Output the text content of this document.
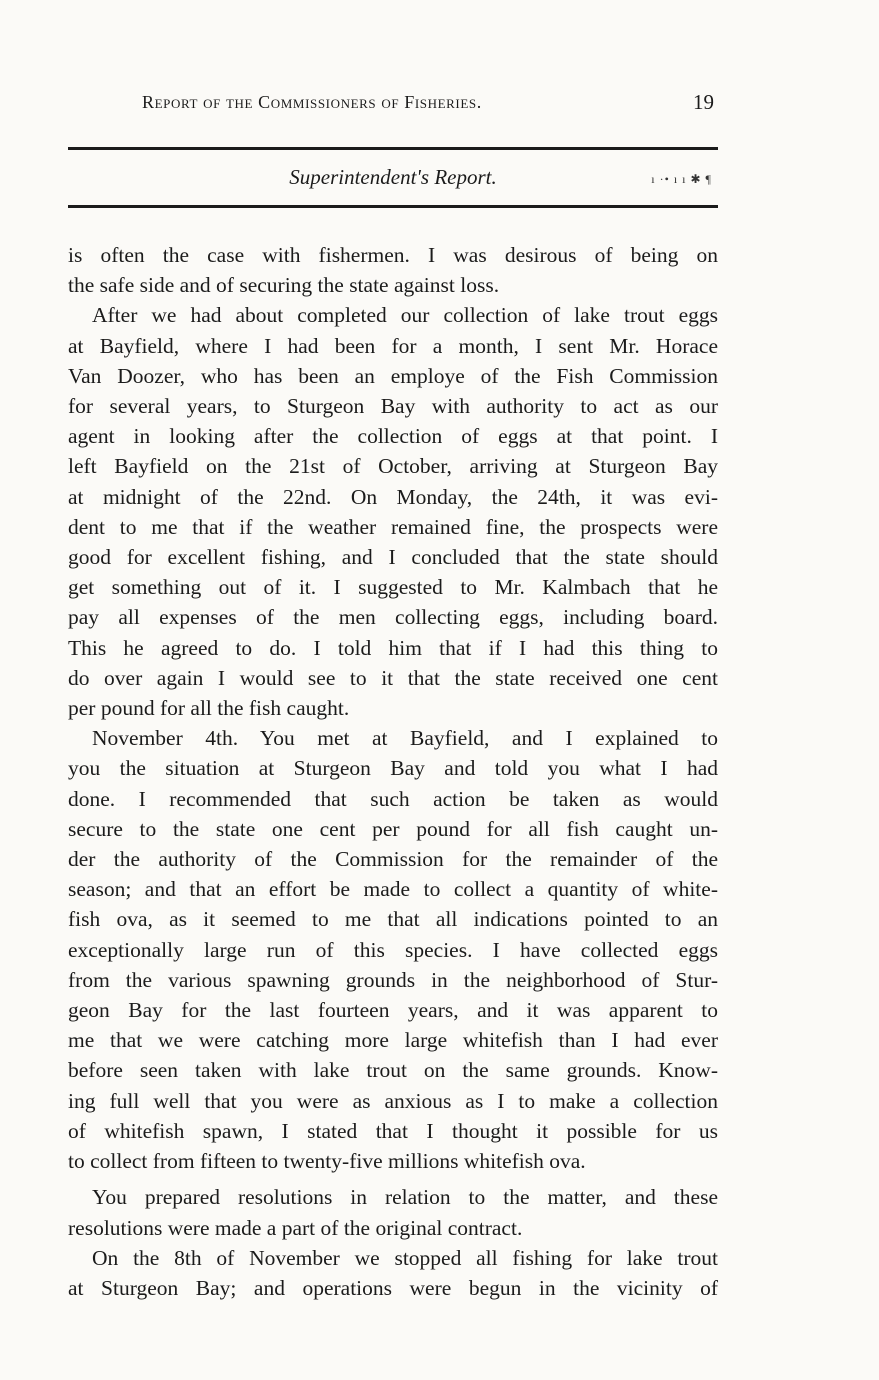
Report of the Commissioners of Fisheries.	19
Superintendent's Report.	ı ·• ı ı ✱ ¶
is often the case with fishermen. I was desirous of being on
the safe side and of securing the state against loss.
After we had about completed our collection of lake trout eggs
at Bayfield, where I had been for a month, I sent Mr. Horace
Van Doozer, who has been an employe of the Fish Commission
for several years, to Sturgeon Bay with authority to act as our
agent in looking after the collection of eggs at that point. I
left Bayfield on the 21st of October, arriving at Sturgeon Bay
at midnight of the 22nd. On Monday, the 24th, it was evi-
dent to me that if the weather remained fine, the prospects were
good for excellent fishing, and I concluded that the state should
get something out of it. I suggested to Mr. Kalmbach that he
pay all expenses of the men collecting eggs, including board.
This he agreed to do. I told him that if I had this thing to
do over again I would see to it that the state received one cent
per pound for all the fish caught.
November 4th. You met at Bayfield, and I explained to
you the situation at Sturgeon Bay and told you what I had
done. I recommended that such action be taken as would
secure to the state one cent per pound for all fish caught un-
der the authority of the Commission for the remainder of the
season; and that an effort be made to collect a quantity of white-
fish ova, as it seemed to me that all indications pointed to an
exceptionally large run of this species. I have collected eggs
from the various spawning grounds in the neighborhood of Stur-
geon Bay for the last fourteen years, and it was apparent to
me that we were catching more large whitefish than I had ever
before seen taken with lake trout on the same grounds. Know-
ing full well that you were as anxious as I to make a collection
of whitefish spawn, I stated that I thought it possible for us
to collect from fifteen to twenty-five millions whitefish ova.
You prepared resolutions in relation to the matter, and these
resolutions were made a part of the original contract.
On the 8th of November we stopped all fishing for lake trout
at Sturgeon Bay; and operations were begun in the vicinity of
